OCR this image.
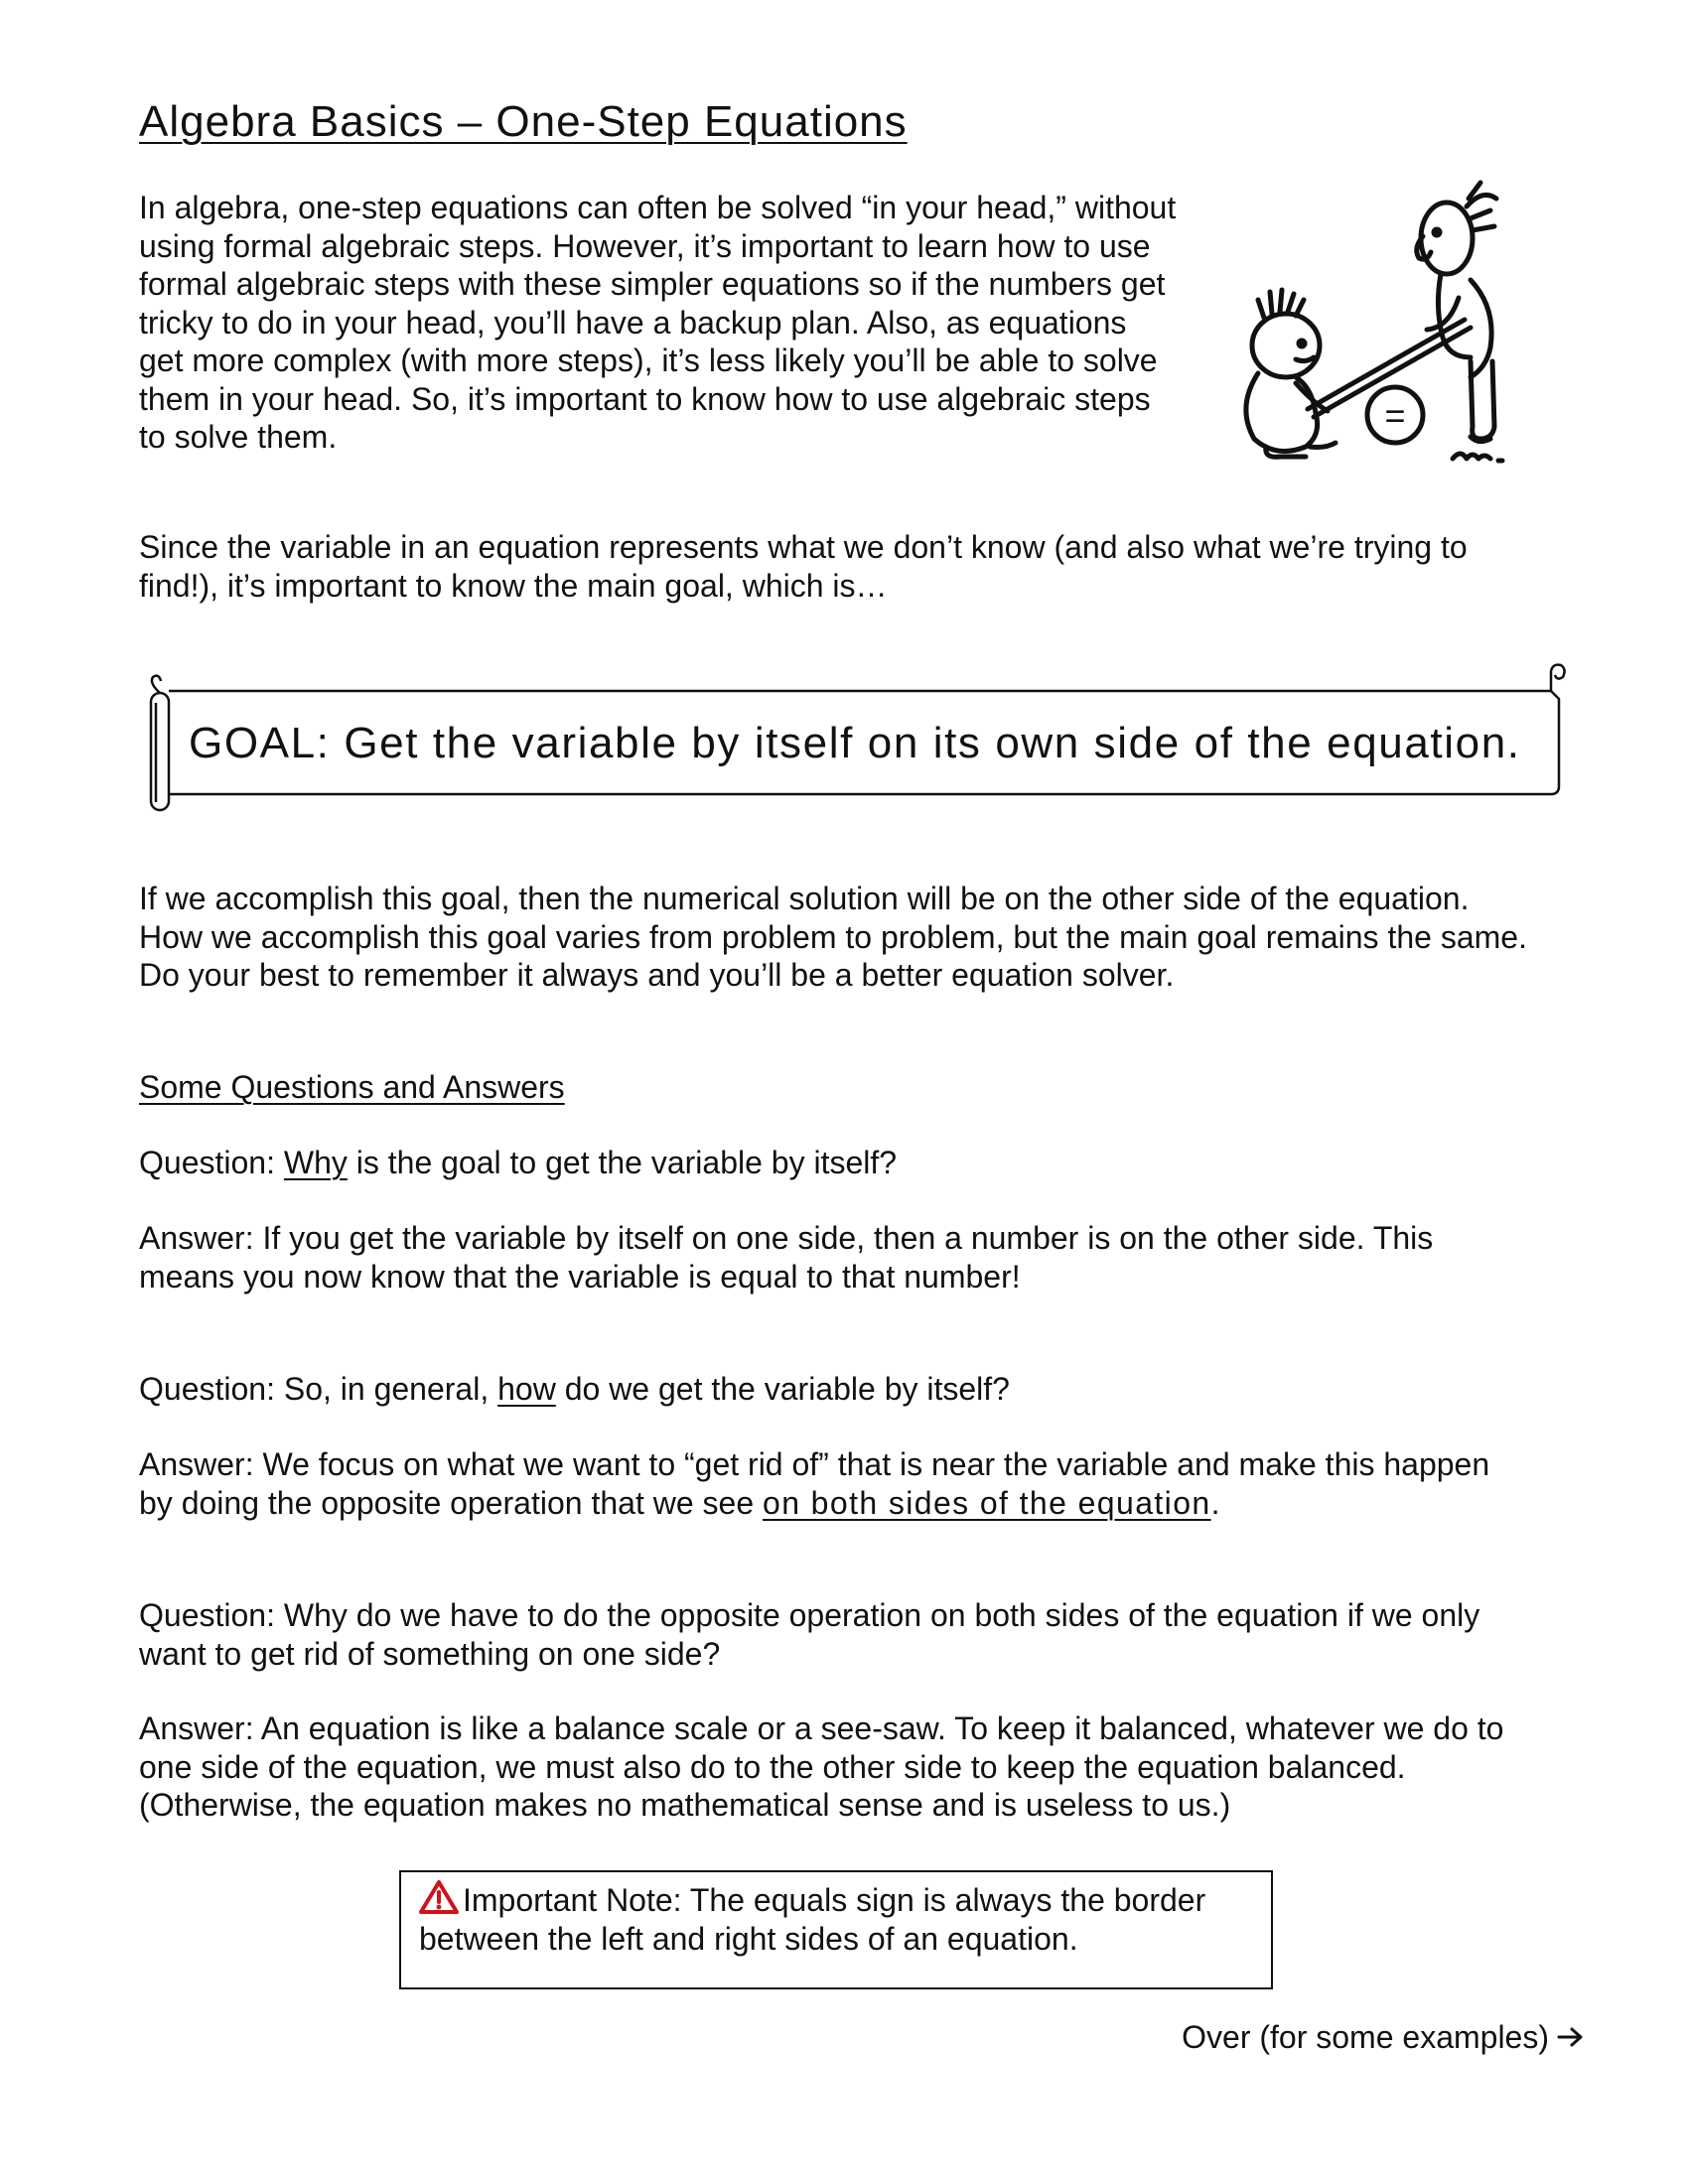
Algebra Basics – One-Step Equations
In algebra, one-step equations can often be solved “in your head,” without
using formal algebraic steps. However, it’s important to learn how to use
formal algebraic steps with these simpler equations so if the numbers get
tricky to do in your head, you’ll have a backup plan. Also, as equations
get more complex (with more steps), it’s less likely you’ll be able to solve
them in your head. So, it’s important to know how to use algebraic steps
to solve them.
=
Since the variable in an equation represents what we don’t know (and also what we’re trying to
find!), it’s important to know the main goal, which is…
GOAL: Get the variable by itself on its own side of the equation.
If we accomplish this goal, then the numerical solution will be on the other side of the equation.
How we accomplish this goal varies from problem to problem, but the main goal remains the same.
Do your best to remember it always and you’ll be a better equation solver.
Some Questions and Answers
Question: Why is the goal to get the variable by itself?
Answer: If you get the variable by itself on one side, then a number is on the other side. This
means you now know that the variable is equal to that number!
Question: So, in general, how do we get the variable by itself?
Answer: We focus on what we want to “get rid of” that is near the variable and make this happen
by doing the opposite operation that we see on both sides of the equation.
Question: Why do we have to do the opposite operation on both sides of the equation if we only
want to get rid of something on one side?
Answer: An equation is like a balance scale or a see-saw. To keep it balanced, whatever we do to
one side of the equation, we must also do to the other side to keep the equation balanced.
(Otherwise, the equation makes no mathematical sense and is useless to us.)
Important Note: The equals sign is always the border
between the left and right sides of an equation.
Over (for some examples)
